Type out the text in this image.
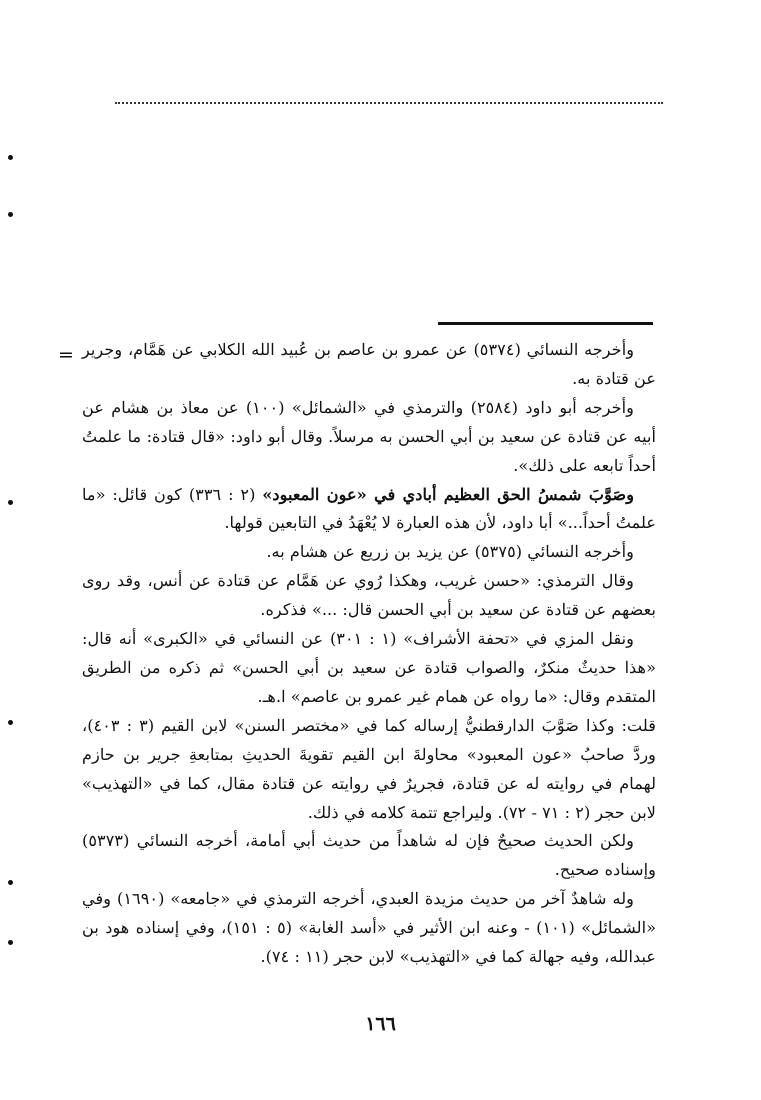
= وأخرجه النسائي (٥٣٧٤) عن عمرو بن عاصم بن عُبيد الله الكلابي عن هَمَّام، وجرير عن قتادة به.

وأخرجه أبو داود (٢٥٨٤) والترمذي في «الشمائل» (١٠٠) عن معاذ بن هشام عن أبيه عن قتادة عن سعيد بن أبي الحسن به مرسلاً. وقال أبو داود: «قال قتادة: ما علمتُ أحداً تابعه على ذلك».

وصَوَّبَ شمسُ الحق العظيم أبادي في «عون المعبود» (٢ : ٣٣٦) كون قائل: «ما علمتُ أحداً...» أبا داود، لأن هذه العبارة لا يُعْهَدُ في التابعين قولها.

وأخرجه النسائي (٥٣٧٥) عن يزيد بن زريع عن هشام به.

وقال الترمذي: «حسن غريب، وهكذا رُوي عن هَمَّام عن قتادة عن أنس، وقد روى بعضهم عن قتادة عن سعيد بن أبي الحسن قال: ...» فذكره.

ونقل المزي في «تحفة الأشراف» (١ : ٣٠١) عن النسائي في «الكبرى» أنه قال: «هذا حديثٌ منكرٌ، والصواب قتادة عن سعيد بن أبي الحسن» ثم ذكره من الطريق المتقدم وقال: «ما رواه عن همام غير عمرو بن عاصم» ا.هـ.

قلت: وكذا صَوَّبَ الدارقطنيُّ إرساله كما في «مختصر السنن» لابن القيم (٣ : ٤٠٣)، وردَّ صاحبُ «عون المعبود» محاولةَ ابن القيم تقويةَ الحديثِ بمتابعةِ جرير بن حازم لهمام في روايته له عن قتادة، فجريرٌ في روايته عن قتادة مقال، كما في «التهذيب» لابن حجر (٢ : ٧١ - ٧٢). وليراجع تتمة كلامه في ذلك.

ولكن الحديث صحيحٌ فإن له شاهداً من حديث أبي أمامة، أخرجه النسائي (٥٣٧٣) وإسناده صحيح.

وله شاهدٌ آخر من حديث مزيدة العبدي، أخرجه الترمذي في «جامعه» (١٦٩٠) وفي «الشمائل» (١٠١) - وعنه ابن الأثير في «أسد الغابة» (٥ : ١٥١)، وفي إسناده هود بن عبدالله، وفيه جهالة كما في «التهذيب» لابن حجر (١١ : ٧٤).

١٦٦
